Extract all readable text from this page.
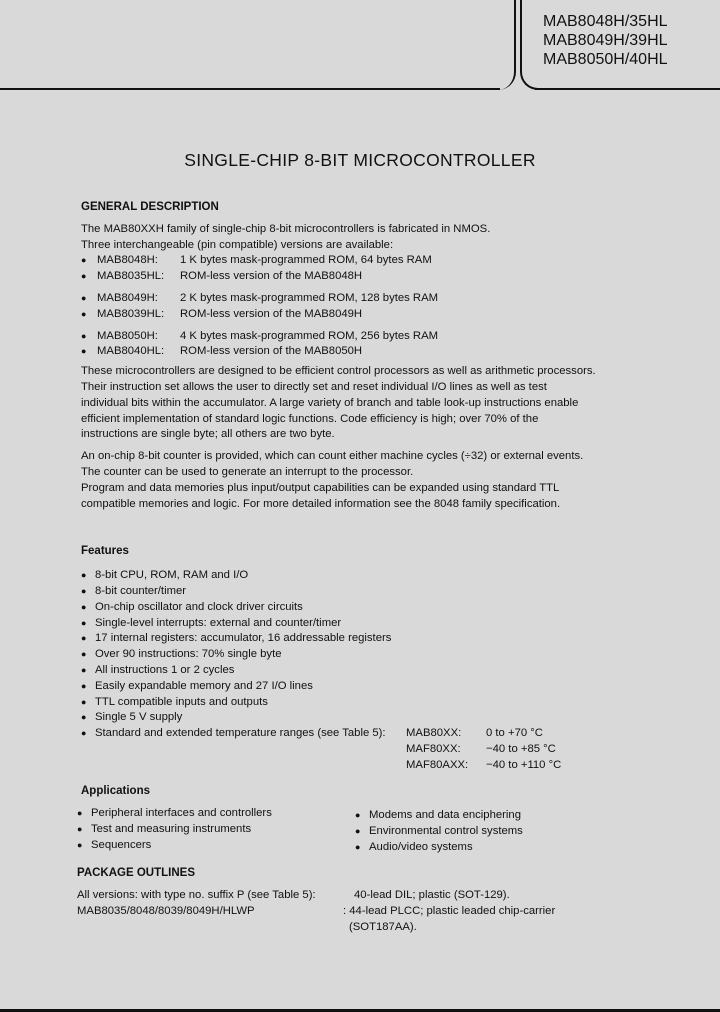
MAB8048H/35HL
MAB8049H/39HL
MAB8050H/40HL
SINGLE-CHIP 8-BIT MICROCONTROLLER
GENERAL DESCRIPTION

The MAB80XXH family of single-chip 8-bit microcontrollers is fabricated in NMOS.

Three interchangeable (pin compatible) versions are available:

● MAB8048H:	1 K bytes mask-programmed ROM, 64 bytes RAM
● MAB8035HL:	ROM-less version of the MAB8048H
● MAB8049H:	2 K bytes mask-programmed ROM, 128 bytes RAM
● MAB8039HL:	ROM-less version of the MAB8049H
● MAB8050H:	4 K bytes mask-programmed ROM, 256 bytes RAM
● MAB8040HL:	ROM-less version of the MAB8050H

These microcontrollers are designed to be efficient control processors as well as arithmetic processors.

Their instruction set allows the user to directly set and reset individual I/O lines as well as test

individual bits within the accumulator. A large variety of branch and table look-up instructions enable

efficient implementation of standard logic functions. Code efficiency is high; over 70% of the

instructions are single byte; all others are two byte.

An on-chip 8-bit counter is provided, which can count either machine cycles (÷32) or external events.

The counter can be used to generate an interrupt to the processor.

Program and data memories plus input/output capabilities can be expanded using standard TTL

compatible memories and logic. For more detailed information see the 8048 family specification.

Features
● 8-bit CPU, ROM, RAM and I/O
● 8-bit counter/timer
● On-chip oscillator and clock driver circuits
● Single-level interrupts: external and counter/timer
● 17 internal registers: accumulator, 16 addressable registers
● Over 90 instructions: 70% single byte
● All instructions 1 or 2 cycles
● Easily expandable memory and 27 I/O lines
● TTL compatible inputs and outputs
● Single 5 V supply
● Standard and extended temperature ranges (see Table 5): MAB80XX: 0 to +70 °C
MAF80XX: −40 to +85 °C
MAF80AXX: −40 to +110 °C
Applications
● Peripheral interfaces and controllers
● Test and measuring instruments
● Sequencers
● Modems and data enciphering
● Environmental control systems
● Audio/video systems
PACKAGE OUTLINES
All versions: with type no. suffix P (see Table 5):	40-lead DIL; plastic (SOT-129).
MAB8035/8048/8039/8049H/HLWP	: 44-lead PLCC; plastic leaded chip-carrier
(SOT187AA).
